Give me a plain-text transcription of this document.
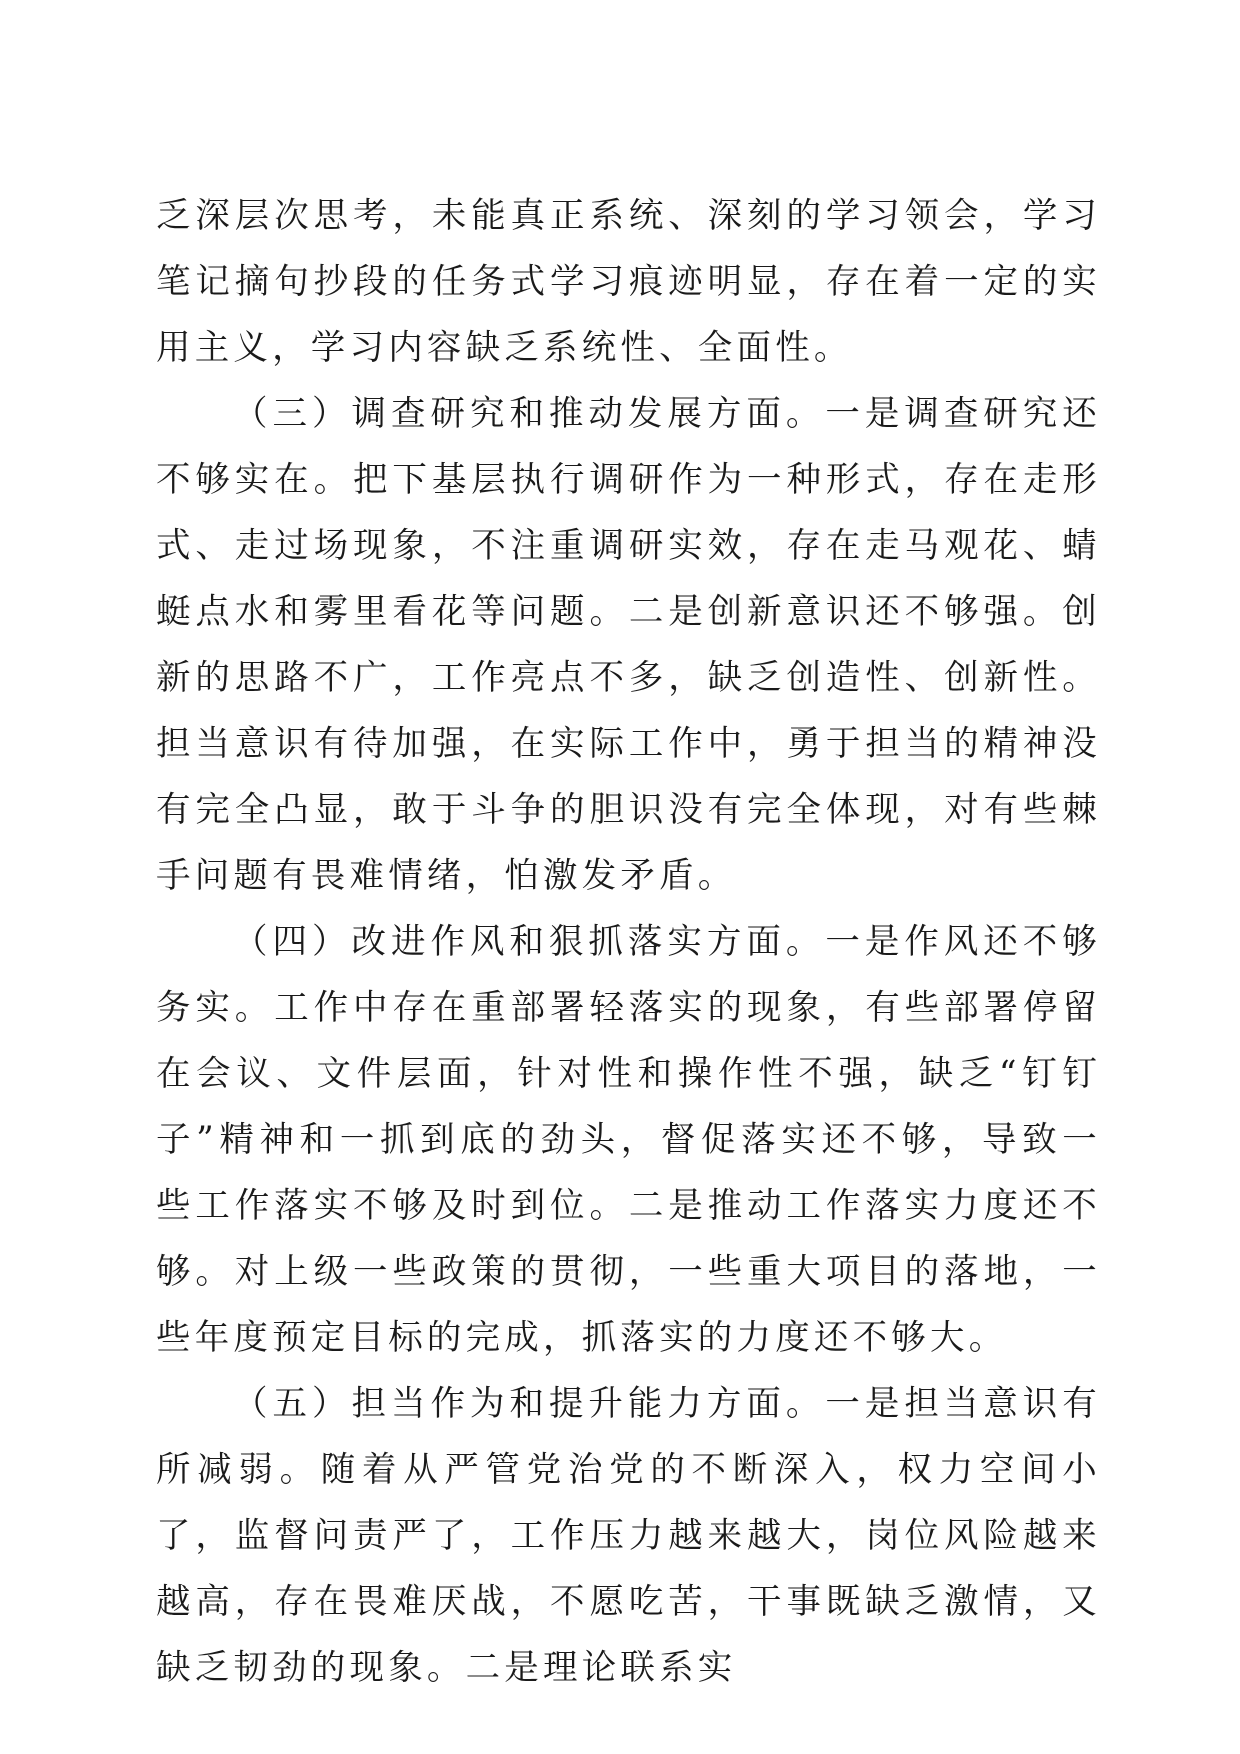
乏深层次思考，未能真正系统、深刻的学习领会，学习笔记摘句抄段的任务式学习痕迹明显，存在着一定的实用主义，学习内容缺乏系统性、全面性。

（三）调查研究和推动发展方面。一是调查研究还不够实在。把下基层执行调研作为一种形式，存在走形式、走过场现象，不注重调研实效，存在走马观花、蜻蜓点水和雾里看花等问题。二是创新意识还不够强。创新的思路不广，工作亮点不多，缺乏创造性、创新性。担当意识有待加强，在实际工作中，勇于担当的精神没有完全凸显，敢于斗争的胆识没有完全体现，对有些棘手问题有畏难情绪，怕激发矛盾。

（四）改进作风和狠抓落实方面。一是作风还不够务实。工作中存在重部署轻落实的现象，有些部署停留在会议、文件层面，针对性和操作性不强，缺乏“钉钉子”精神和一抓到底的劲头，督促落实还不够，导致一些工作落实不够及时到位。二是推动工作落实力度还不够。对上级一些政策的贯彻，一些重大项目的落地，一些年度预定目标的完成，抓落实的力度还不够大。

（五）担当作为和提升能力方面。一是担当意识有所减弱。随着从严管党治党的不断深入，权力空间小了，监督问责严了，工作压力越来越大，岗位风险越来越高，存在畏难厌战，不愿吃苦，干事既缺乏激情，又缺乏韧劲的现象。二是理论联系实
